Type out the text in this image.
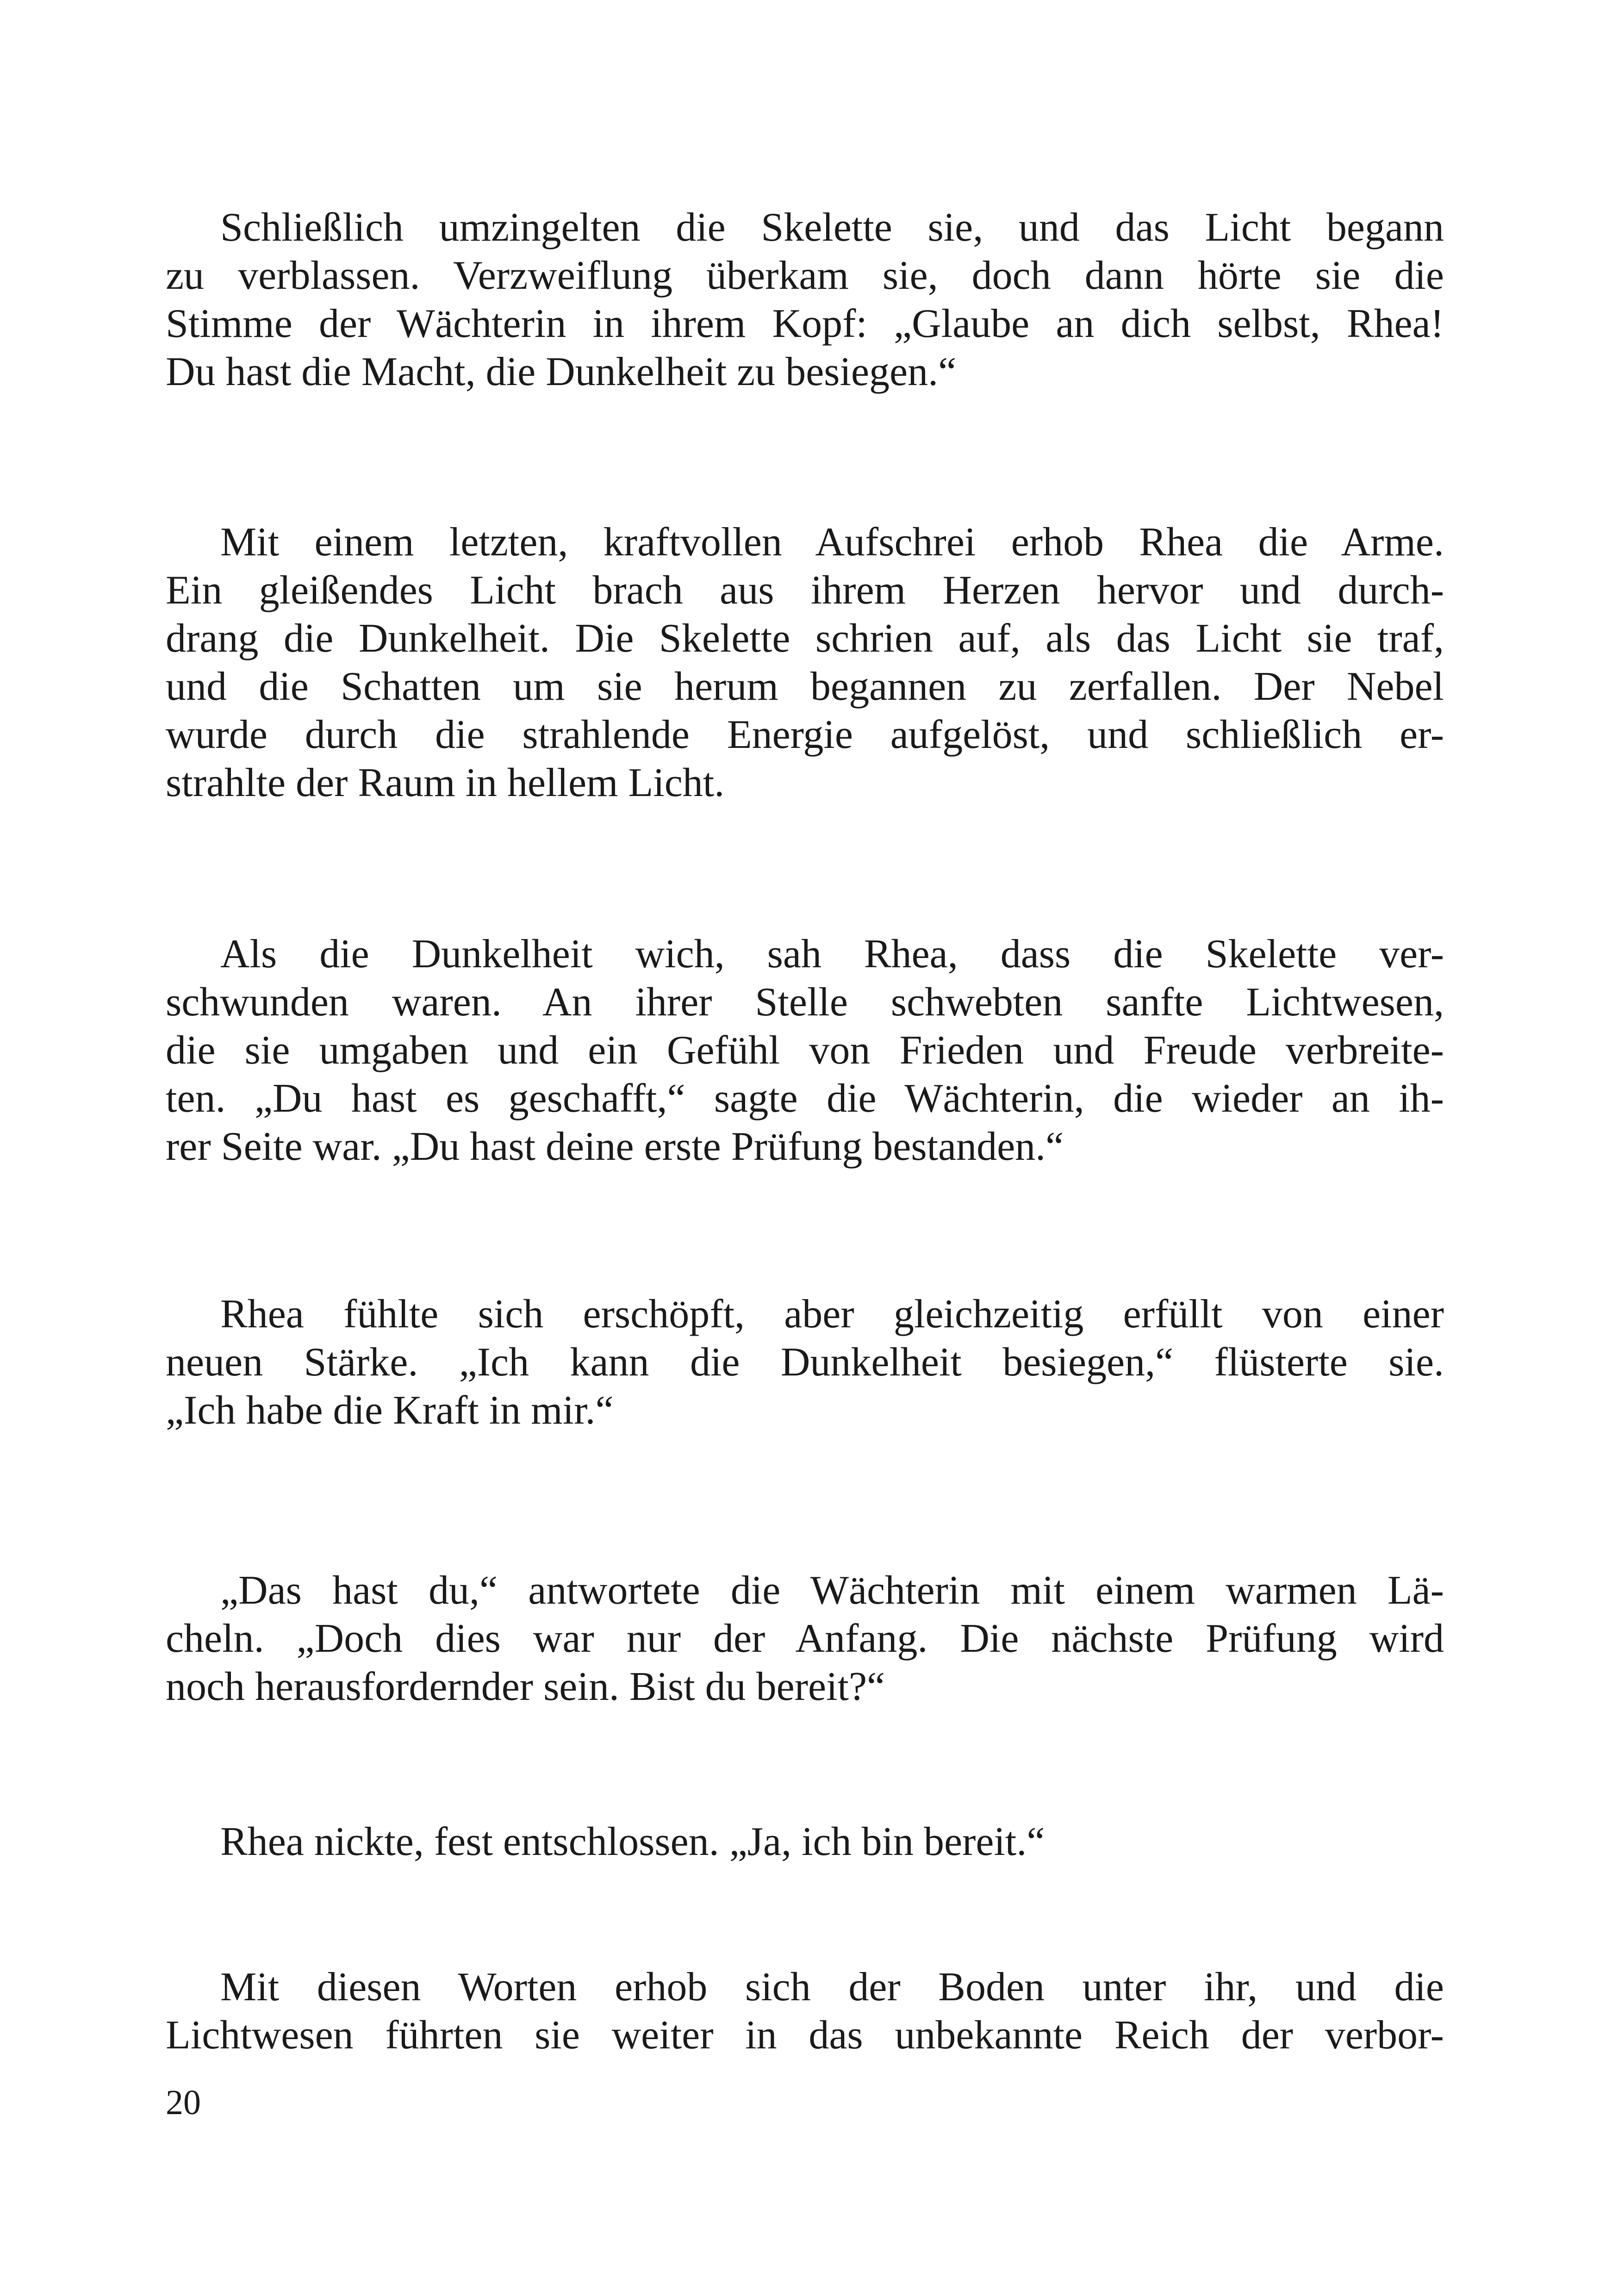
Schließlich umzingelten die Skelette sie, und das Licht begann
zu verblassen. Verzweiflung überkam sie, doch dann hörte sie die
Stimme der Wächterin in ihrem Kopf: „Glaube an dich selbst, Rhea!
Du hast die Macht, die Dunkelheit zu besiegen.“
Mit einem letzten, kraftvollen Aufschrei erhob Rhea die Arme.
Ein gleißendes Licht brach aus ihrem Herzen hervor und durch-
drang die Dunkelheit. Die Skelette schrien auf, als das Licht sie traf,
und die Schatten um sie herum begannen zu zerfallen. Der Nebel
wurde durch die strahlende Energie aufgelöst, und schließlich er-
strahlte der Raum in hellem Licht.
Als die Dunkelheit wich, sah Rhea, dass die Skelette ver-
schwunden waren. An ihrer Stelle schwebten sanfte Lichtwesen,
die sie umgaben und ein Gefühl von Frieden und Freude verbreite-
ten. „Du hast es geschafft,“ sagte die Wächterin, die wieder an ih-
rer Seite war. „Du hast deine erste Prüfung bestanden.“
Rhea fühlte sich erschöpft, aber gleichzeitig erfüllt von einer
neuen Stärke. „Ich kann die Dunkelheit besiegen,“ flüsterte sie.
„Ich habe die Kraft in mir.“
„Das hast du,“ antwortete die Wächterin mit einem warmen Lä-
cheln. „Doch dies war nur der Anfang. Die nächste Prüfung wird
noch herausfordernder sein. Bist du bereit?“
Rhea nickte, fest entschlossen. „Ja, ich bin bereit.“
Mit diesen Worten erhob sich der Boden unter ihr, und die
Lichtwesen führten sie weiter in das unbekannte Reich der verbor-
20
